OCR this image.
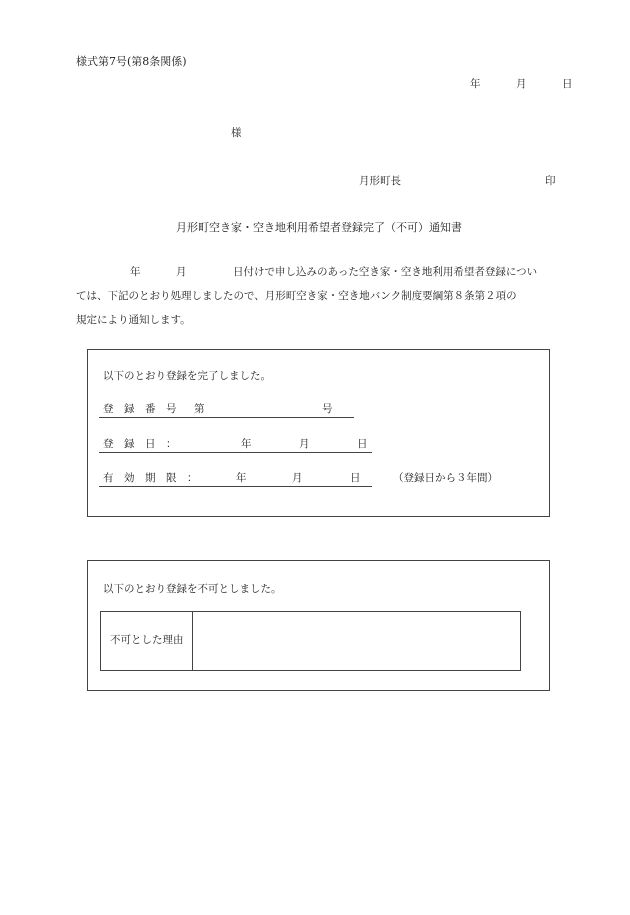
様式第7号(第8条関係)
年	月	日
様
月形町長	印
月形町空き家・空き地利用希望者登録完了（不可）通知書
年	月	日付けで申し込みのあった空き家・空き地利用希望者登録につい
ては、下記のとおり処理しましたので、月形町空き家・空き地バンク制度要綱第８条第２項の
規定により通知します。
以下のとおり登録を完了しました。
登　録　番　号 第	号
登　録　日　：	年	月	日
有　効　期　限　：	年	月	日	（登録日から３年間）
以下のとおり登録を不可としました。
不可とした理由
